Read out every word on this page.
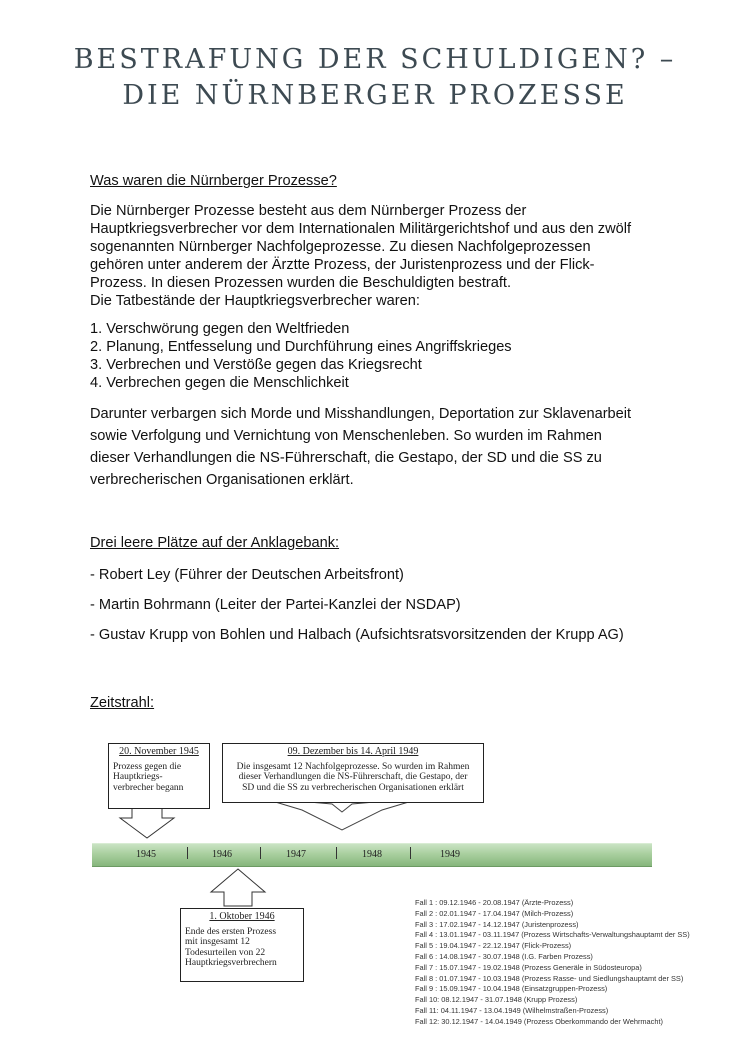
BESTRAFUNG DER SCHULDIGEN? –
DIE NÜRNBERGER PROZESSE
Was waren die Nürnberger Prozesse?

Die Nürnberger Prozesse besteht aus dem Nürnberger Prozess der

Hauptkriegsverbrecher vor dem Internationalen Militärgerichtshof und aus den zwölf

sogenannten Nürnberger Nachfolgeprozesse. Zu diesen Nachfolgeprozessen

gehören unter anderem der Ärztte Prozess, der Juristenprozess und der Flick-

Prozess. In diesen Prozessen wurden die Beschuldigten bestraft.

Die Tatbestände der Hauptkriegsverbrecher waren:

1. Verschwörung gegen den Weltfrieden
2. Planung, Entfesselung und Durchführung eines Angriffskrieges
3. Verbrechen und Verstöße gegen das Kriegsrecht
4. Verbrechen gegen die Menschlichkeit

Darunter verbargen sich Morde und Misshandlungen, Deportation zur Sklavenarbeit

sowie Verfolgung und Vernichtung von Menschenleben. So wurden im Rahmen

dieser Verhandlungen die NS-Führerschaft, die Gestapo, der SD und die SS zu

verbrecherischen Organisationen erklärt.

Drei leere Plätze auf der Anklagebank:
- Robert Ley (Führer der Deutschen Arbeitsfront)
- Martin Bohrmann (Leiter der Partei-Kanzlei der NSDAP)
- Gustav Krupp von Bohlen und Halbach (Aufsichtsratsvorsitzenden der Krupp AG)
Zeitstrahl:
20. November 1945
Prozess gegen die
Hauptkriegs-
verbrecher begann
09. Dezember bis 14. April 1949
Die insgesamt 12 Nachfolgeprozesse. So wurden im Rahmen
dieser Verhandlungen die NS-Führerschaft, die Gestapo, der
SD und die SS zu verbrecherischen Organisationen erklärt
1945	1946	1947	1948	1949
1. Oktober 1946
Ende des ersten Prozess
mit insgesamt 12
Todesurteilen von 22
Hauptkriegsverbrechern
Fall 1 : 09.12.1946 - 20.08.1947 (Ärzte-Prozess)
Fall 2 : 02.01.1947 - 17.04.1947 (Milch-Prozess)
Fall 3 : 17.02.1947 - 14.12.1947 (Juristenprozess)
Fall 4 : 13.01.1947 - 03.11.1947 (Prozess Wirtschafts-Verwaltungshauptamt der SS)
Fall 5 : 19.04.1947 - 22.12.1947 (Flick-Prozess)
Fall 6 : 14.08.1947 - 30.07.1948 (I.G. Farben Prozess)
Fall 7 : 15.07.1947 - 19.02.1948 (Prozess Generäle in Südosteuropa)
Fall 8 : 01.07.1947 - 10.03.1948 (Prozess Rasse- und Siedlungshauptamt der SS)
Fall 9 : 15.09.1947 - 10.04.1948 (Einsatzgruppen-Prozess)
Fall 10: 08.12.1947 - 31.07.1948 (Krupp Prozess)
Fall 11: 04.11.1947 - 13.04.1949 (Wilhelmstraßen-Prozess)
Fall 12: 30.12.1947 - 14.04.1949 (Prozess Oberkommando der Wehrmacht)
